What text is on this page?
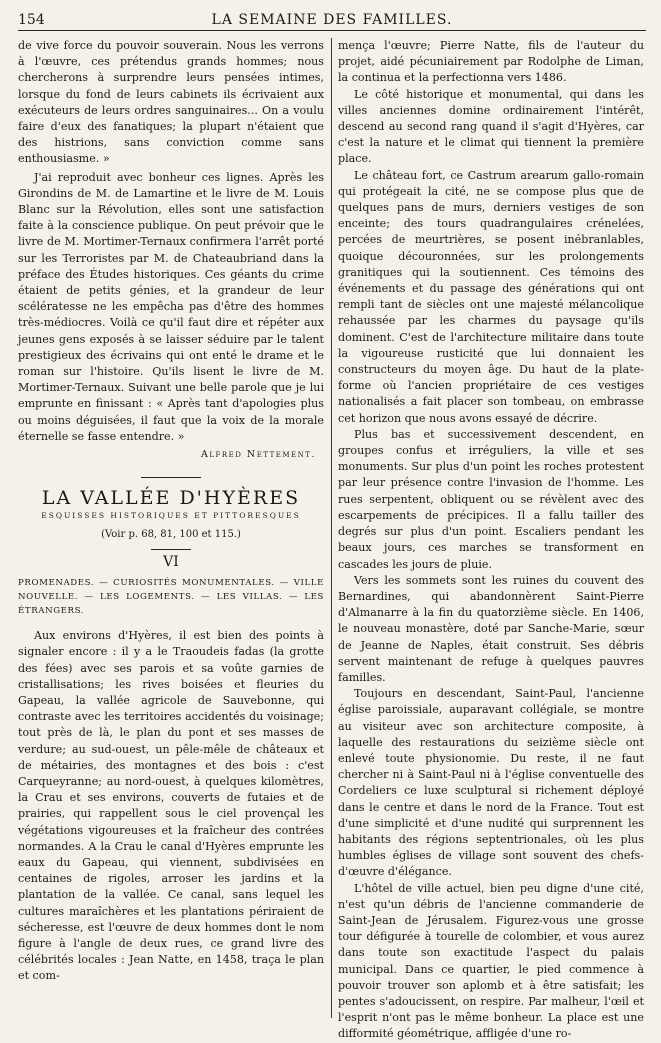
154	LA SEMAINE DES FAMILLES.

de vive force du pouvoir souverain. Nous les verrons à l'œuvre, ces prétendus grands hommes; nous chercherons à surprendre leurs pensées intimes, lorsque du fond de leurs cabinets ils écrivaient aux exécuteurs de leurs ordres sanguinaires... On a voulu faire d'eux des fanatiques; la plupart n'étaient que des histrions, sans conviction comme sans enthousiasme. »

J'ai reproduit avec bonheur ces lignes. Après les Girondins de M. de Lamartine et le livre de M. Louis Blanc sur la Révolution, elles sont une satisfaction faite à la conscience publique. On peut prévoir que le livre de M. Mortimer-Ternaux confirmera l'arrêt porté sur les Terroristes par M. de Chateaubriand dans la préface des Études historiques. Ces géants du crime étaient de petits génies, et la grandeur de leur scélératesse ne les empêcha pas d'être des hommes très-médiocres. Voilà ce qu'il faut dire et répéter aux jeunes gens exposés à se laisser séduire par le talent prestigieux des écrivains qui ont enté le drame et le roman sur l'histoire. Qu'ils lisent le livre de M. Mortimer-Ternaux. Suivant une belle parole que je lui emprunte en finissant : « Après tant d'apologies plus ou moins déguisées, il faut que la voix de la morale éternelle se fasse entendre. »

Alfred Nettement.
LA VALLÉE D'HYÈRES
ESQUISSES HISTORIQUES ET PITTORESQUES
(Voir p. 68, 81, 100 et 115.)
VI
PROMENADES. — CURIOSITÉS MONUMENTALES. — VILLE NOUVELLE. — LES LOGEMENTS. — LES VILLAS. — LES ÉTRANGERS.

Aux environs d'Hyères, il est bien des points à signaler encore : il y a le Traoudeis fadas (la grotte des fées) avec ses parois et sa voûte garnies de cristallisations; les rives boisées et fleuries du Gapeau, la vallée agricole de Sauvebonne, qui contraste avec les territoires accidentés du voisinage; tout près de là, le plan du pont et ses masses de verdure; au sud-ouest, un pêle-mêle de châteaux et de métairies, des montagnes et des bois : c'est Carqueyranne; au nord-ouest, à quelques kilomètres, la Crau et ses environs, couverts de futaies et de prairies, qui rappellent sous le ciel provençal les végétations vigoureuses et la fraîcheur des contrées normandes. A la Crau le canal d'Hyères emprunte les eaux du Gapeau, qui viennent, subdivisées en centaines de rigoles, arroser les jardins et la plantation de la vallée. Ce canal, sans lequel les cultures maraîchères et les plantations périraient de sécheresse, est l'œuvre de deux hommes dont le nom figure à l'angle de deux rues, ce grand livre des célébrités locales : Jean Natte, en 1458, traça le plan et com-

mença l'œuvre; Pierre Natte, fils de l'auteur du projet, aidé pécuniairement par Rodolphe de Liman, la continua et la perfectionna vers 1486.

Le côté historique et monumental, qui dans les villes anciennes domine ordinairement l'intérêt, descend au second rang quand il s'agit d'Hyères, car c'est la nature et le climat qui tiennent la première place.

Le château fort, ce Castrum arearum gallo-romain qui protégeait la cité, ne se compose plus que de quelques pans de murs, derniers vestiges de son enceinte; des tours quadrangulaires crénelées, percées de meurtrières, se posent inébranlables, quoique découronnées, sur les prolongements granitiques qui la soutiennent. Ces témoins des événements et du passage des générations qui ont rempli tant de siècles ont une majesté mélancolique rehaussée par les charmes du paysage qu'ils dominent. C'est de l'architecture militaire dans toute la vigoureuse rusticité que lui donnaient les constructeurs du moyen âge. Du haut de la plate-forme où l'ancien propriétaire de ces vestiges nationalisés a fait placer son tombeau, on embrasse cet horizon que nous avons essayé de décrire.

Plus bas et successivement descendent, en groupes confus et irréguliers, la ville et ses monuments. Sur plus d'un point les roches protestent par leur présence contre l'invasion de l'homme. Les rues serpentent, obliquent ou se révèlent avec des escarpements de précipices. Il a fallu tailler des degrés sur plus d'un point. Escaliers pendant les beaux jours, ces marches se transforment en cascades les jours de pluie.

Vers les sommets sont les ruines du couvent des Bernardines, qui abandonnèrent Saint-Pierre d'Almanarre à la fin du quatorzième siècle. En 1406, le nouveau monastère, doté par Sanche-Marie, sœur de Jeanne de Naples, était construit. Ses débris servent maintenant de refuge à quelques pauvres familles.

Toujours en descendant, Saint-Paul, l'ancienne église paroissiale, auparavant collégiale, se montre au visiteur avec son architecture composite, à laquelle des restaurations du seizième siècle ont enlevé toute physionomie. Du reste, il ne faut chercher ni à Saint-Paul ni à l'église conventuelle des Cordeliers ce luxe sculptural si richement déployé dans le centre et dans le nord de la France. Tout est d'une simplicité et d'une nudité qui surprennent les habitants des régions septentrionales, où les plus humbles églises de village sont souvent des chefs-d'œuvre d'élégance.

L'hôtel de ville actuel, bien peu digne d'une cité, n'est qu'un débris de l'ancienne commanderie de Saint-Jean de Jérusalem. Figurez-vous une grosse tour défigurée à tourelle de colombier, et vous aurez dans toute son exactitude l'aspect du palais municipal. Dans ce quartier, le pied commence à pouvoir trouver son aplomb et à être satisfait; les pentes s'adoucissent, on respire. Par malheur, l'œil et l'esprit n'ont pas le même bonheur. La place est une difformité géométrique, affligée d'une ro-
